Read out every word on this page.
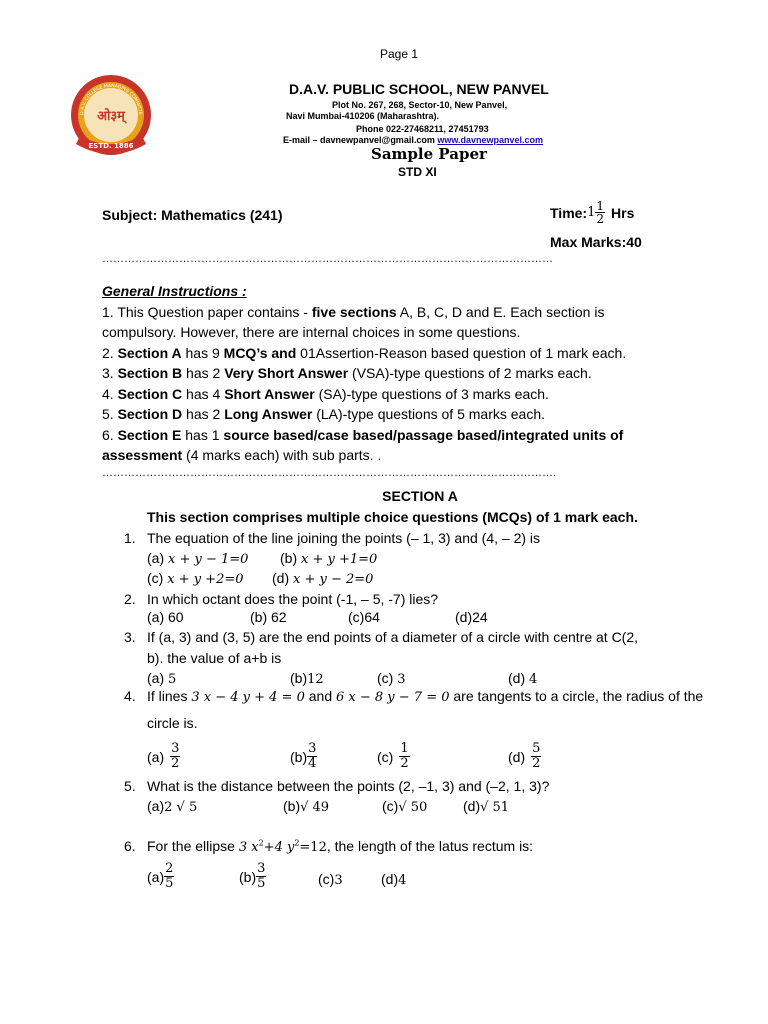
Page 1
ओ३म्
ESTD. 1886
D.A.V. COLLEGE MANAGING COMMITTE
D.A.V. PUBLIC SCHOOL, NEW PANVEL
Plot No. 267, 268, Sector-10, New Panvel,
Navi Mumbai-410206 (Maharashtra).
Phone 022-27468211, 27451793
E-mail – davnewpanvel@gmail.com www.davnewpanvel.com
Sample Paper
STD XI
Subject: Mathematics (241)	Time: $1 \frac{1}{2}$ Hrs
Max Marks:40
……………………………………………………………………………………………………………
General Instructions :
1. This Question paper contains - five sections A, B, C, D and E. Each section is
compulsory. However, there are internal choices in some questions.
2. Section A has 9 MCQ’s and 01Assertion-Reason based question of 1 mark each.
3. Section B has 2 Very Short Answer (VSA)-type questions of 2 marks each.
4. Section C has 4 Short Answer (SA)-type questions of 3 marks each.
5. Section D has 2 Long Answer (LA)-type questions of 5 marks each.
6. Section E has 1 source based/case based/passage based/integrated units of
assessment (4 marks each) with sub parts. .
…………………………………………………………………………………………………………….
SECTION A
This section comprises multiple choice questions (MCQs) of 1 mark each.
1. The equation of the line joining the points (– 1, 3) and (4, – 2) is
(a) x + y − 1=0 (b) x + y +1=0
(c) x + y +2=0 (d) x + y − 2=0
2. In which octant does the point (-1, – 5, -7) lies?
(a) 60	(b) 62	(c)64	(d)24
3. If (a, 3) and (3, 5) are the end points of a diameter of a circle with centre at C(2,
b). the value of a+b is
(a) 5	(b)12	(c) 3	(d) 4
4. If lines 3 x − 4 y + 4 = 0 and 6 x − 8 y − 7 = 0 are tangents to a circle, the radius of the
circle is.
$(a) \frac{3}{2}$	$(b) \frac{3}{4}$	$(c) \frac{1}{2}$	$(d) \frac{5}{2}$
5. What is the distance between the points (2, –1, 3) and (–2, 1, 3)?
(a)2 √ 5	(b)√ 49	(c)√ 50	(d)√ 51
6. For the ellipse 3 $x^2+4$ $y^2=12$, the length of the latus rectum is:
$(a) \frac{2}{5}$	$(b) \frac{3}{5}$	(c)3	(d)4
